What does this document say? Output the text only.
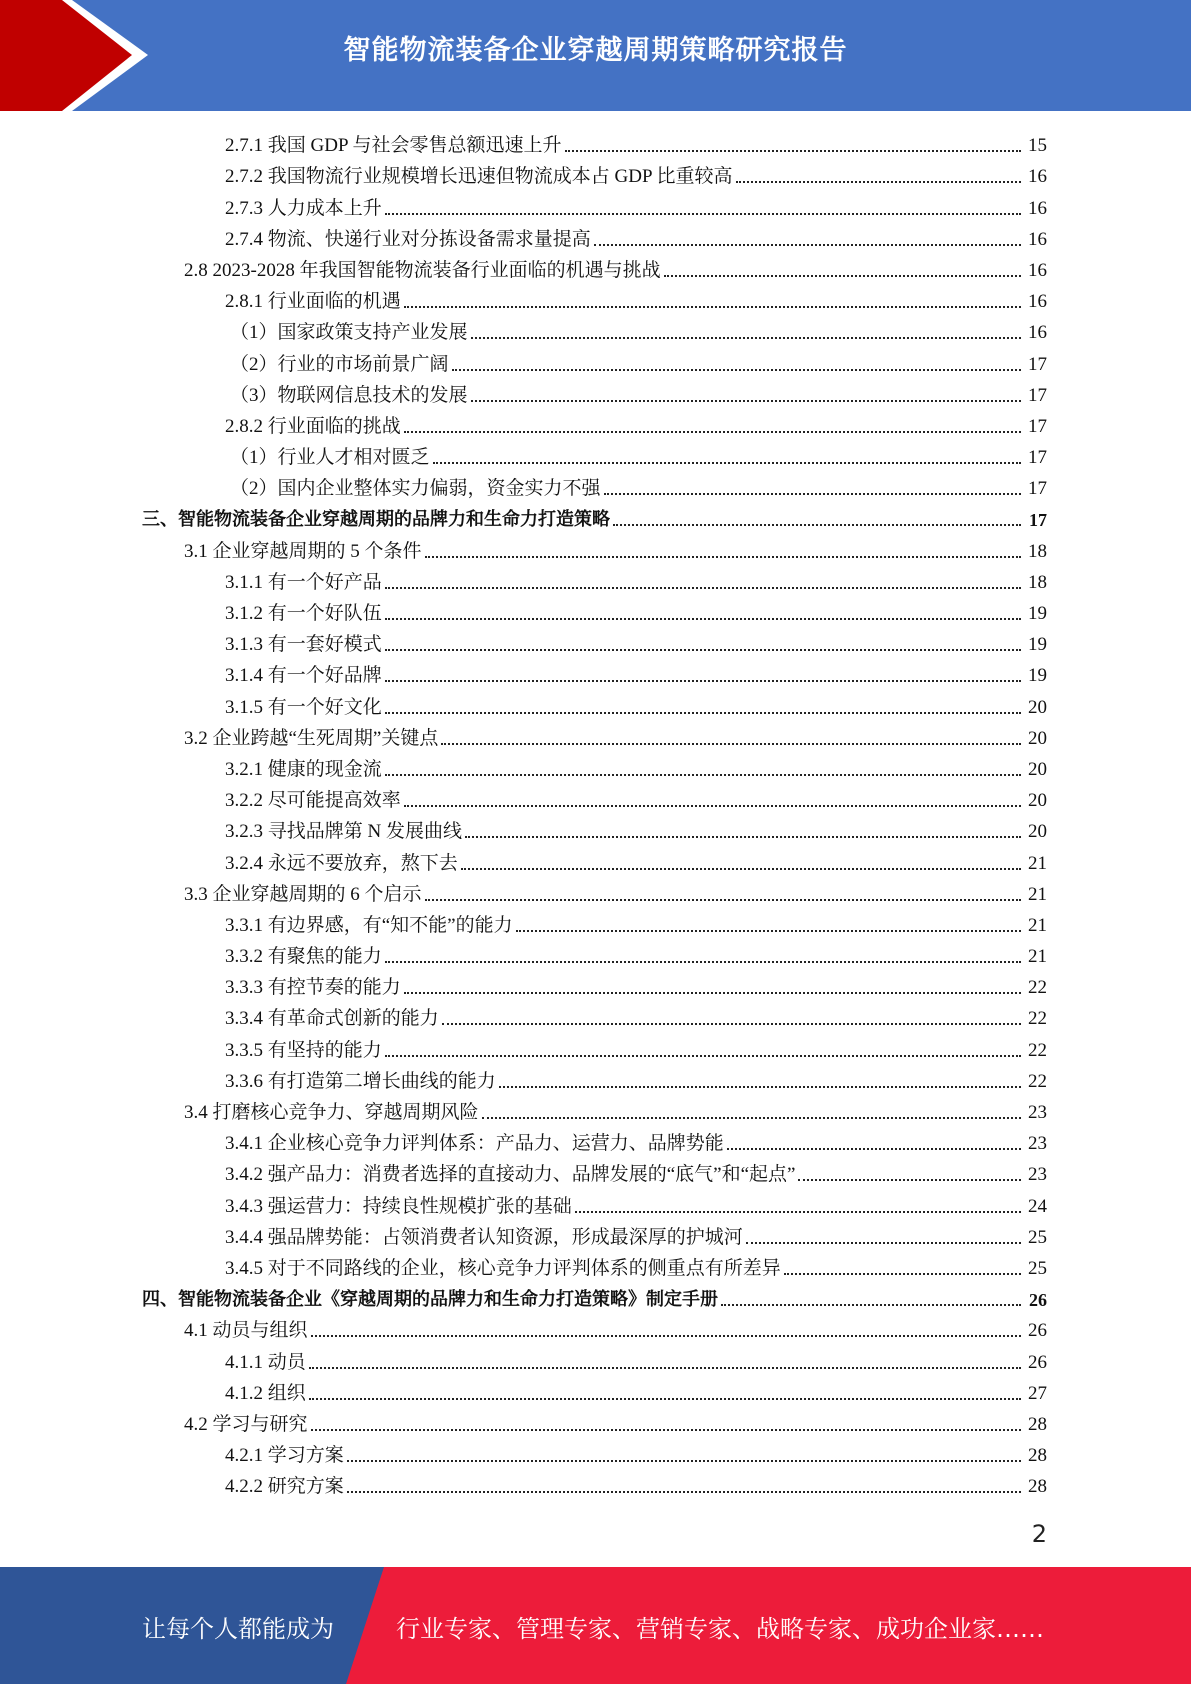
智能物流装备企业穿越周期策略研究报告
2.7.1 我国 GDP 与社会零售总额迅速上升	15
2.7.2 我国物流行业规模增长迅速但物流成本占 GDP 比重较高	16
2.7.3 人力成本上升	16
2.7.4 物流、快递行业对分拣设备需求量提高	16
2.8 2023-2028 年我国智能物流装备行业面临的机遇与挑战	16
2.8.1 行业面临的机遇	16
（1）国家政策支持产业发展	16
（2）行业的市场前景广阔	17
（3）物联网信息技术的发展	17
2.8.2 行业面临的挑战	17
（1）行业人才相对匮乏	17
（2）国内企业整体实力偏弱，资金实力不强	17
三、智能物流装备企业穿越周期的品牌力和生命力打造策略	17
3.1 企业穿越周期的 5 个条件	18
3.1.1 有一个好产品	18
3.1.2 有一个好队伍	19
3.1.3 有一套好模式	19
3.1.4 有一个好品牌	19
3.1.5 有一个好文化	20
3.2 企业跨越“生死周期”关键点	20
3.2.1 健康的现金流	20
3.2.2 尽可能提高效率	20
3.2.3 寻找品牌第 N 发展曲线	20
3.2.4 永远不要放弃，熬下去	21
3.3 企业穿越周期的 6 个启示	21
3.3.1 有边界感，有“知不能”的能力	21
3.3.2 有聚焦的能力	21
3.3.3 有控节奏的能力	22
3.3.4 有革命式创新的能力	22
3.3.5 有坚持的能力	22
3.3.6 有打造第二增长曲线的能力	22
3.4 打磨核心竞争力、穿越周期风险	23
3.4.1 企业核心竞争力评判体系：产品力、运营力、品牌势能	23
3.4.2 强产品力：消费者选择的直接动力、品牌发展的“底气”和“起点”	23
3.4.3 强运营力：持续良性规模扩张的基础	24
3.4.4 强品牌势能：占领消费者认知资源，形成最深厚的护城河	25
3.4.5 对于不同路线的企业，核心竞争力评判体系的侧重点有所差异	25
四、智能物流装备企业《穿越周期的品牌力和生命力打造策略》制定手册	26
4.1 动员与组织	26
4.1.1 动员	26
4.1.2 组织	27
4.2 学习与研究	28
4.2.1 学习方案	28
4.2.2 研究方案	28
2
让每个人都能成为	行业专家、管理专家、营销专家、战略专家、成功企业家……
